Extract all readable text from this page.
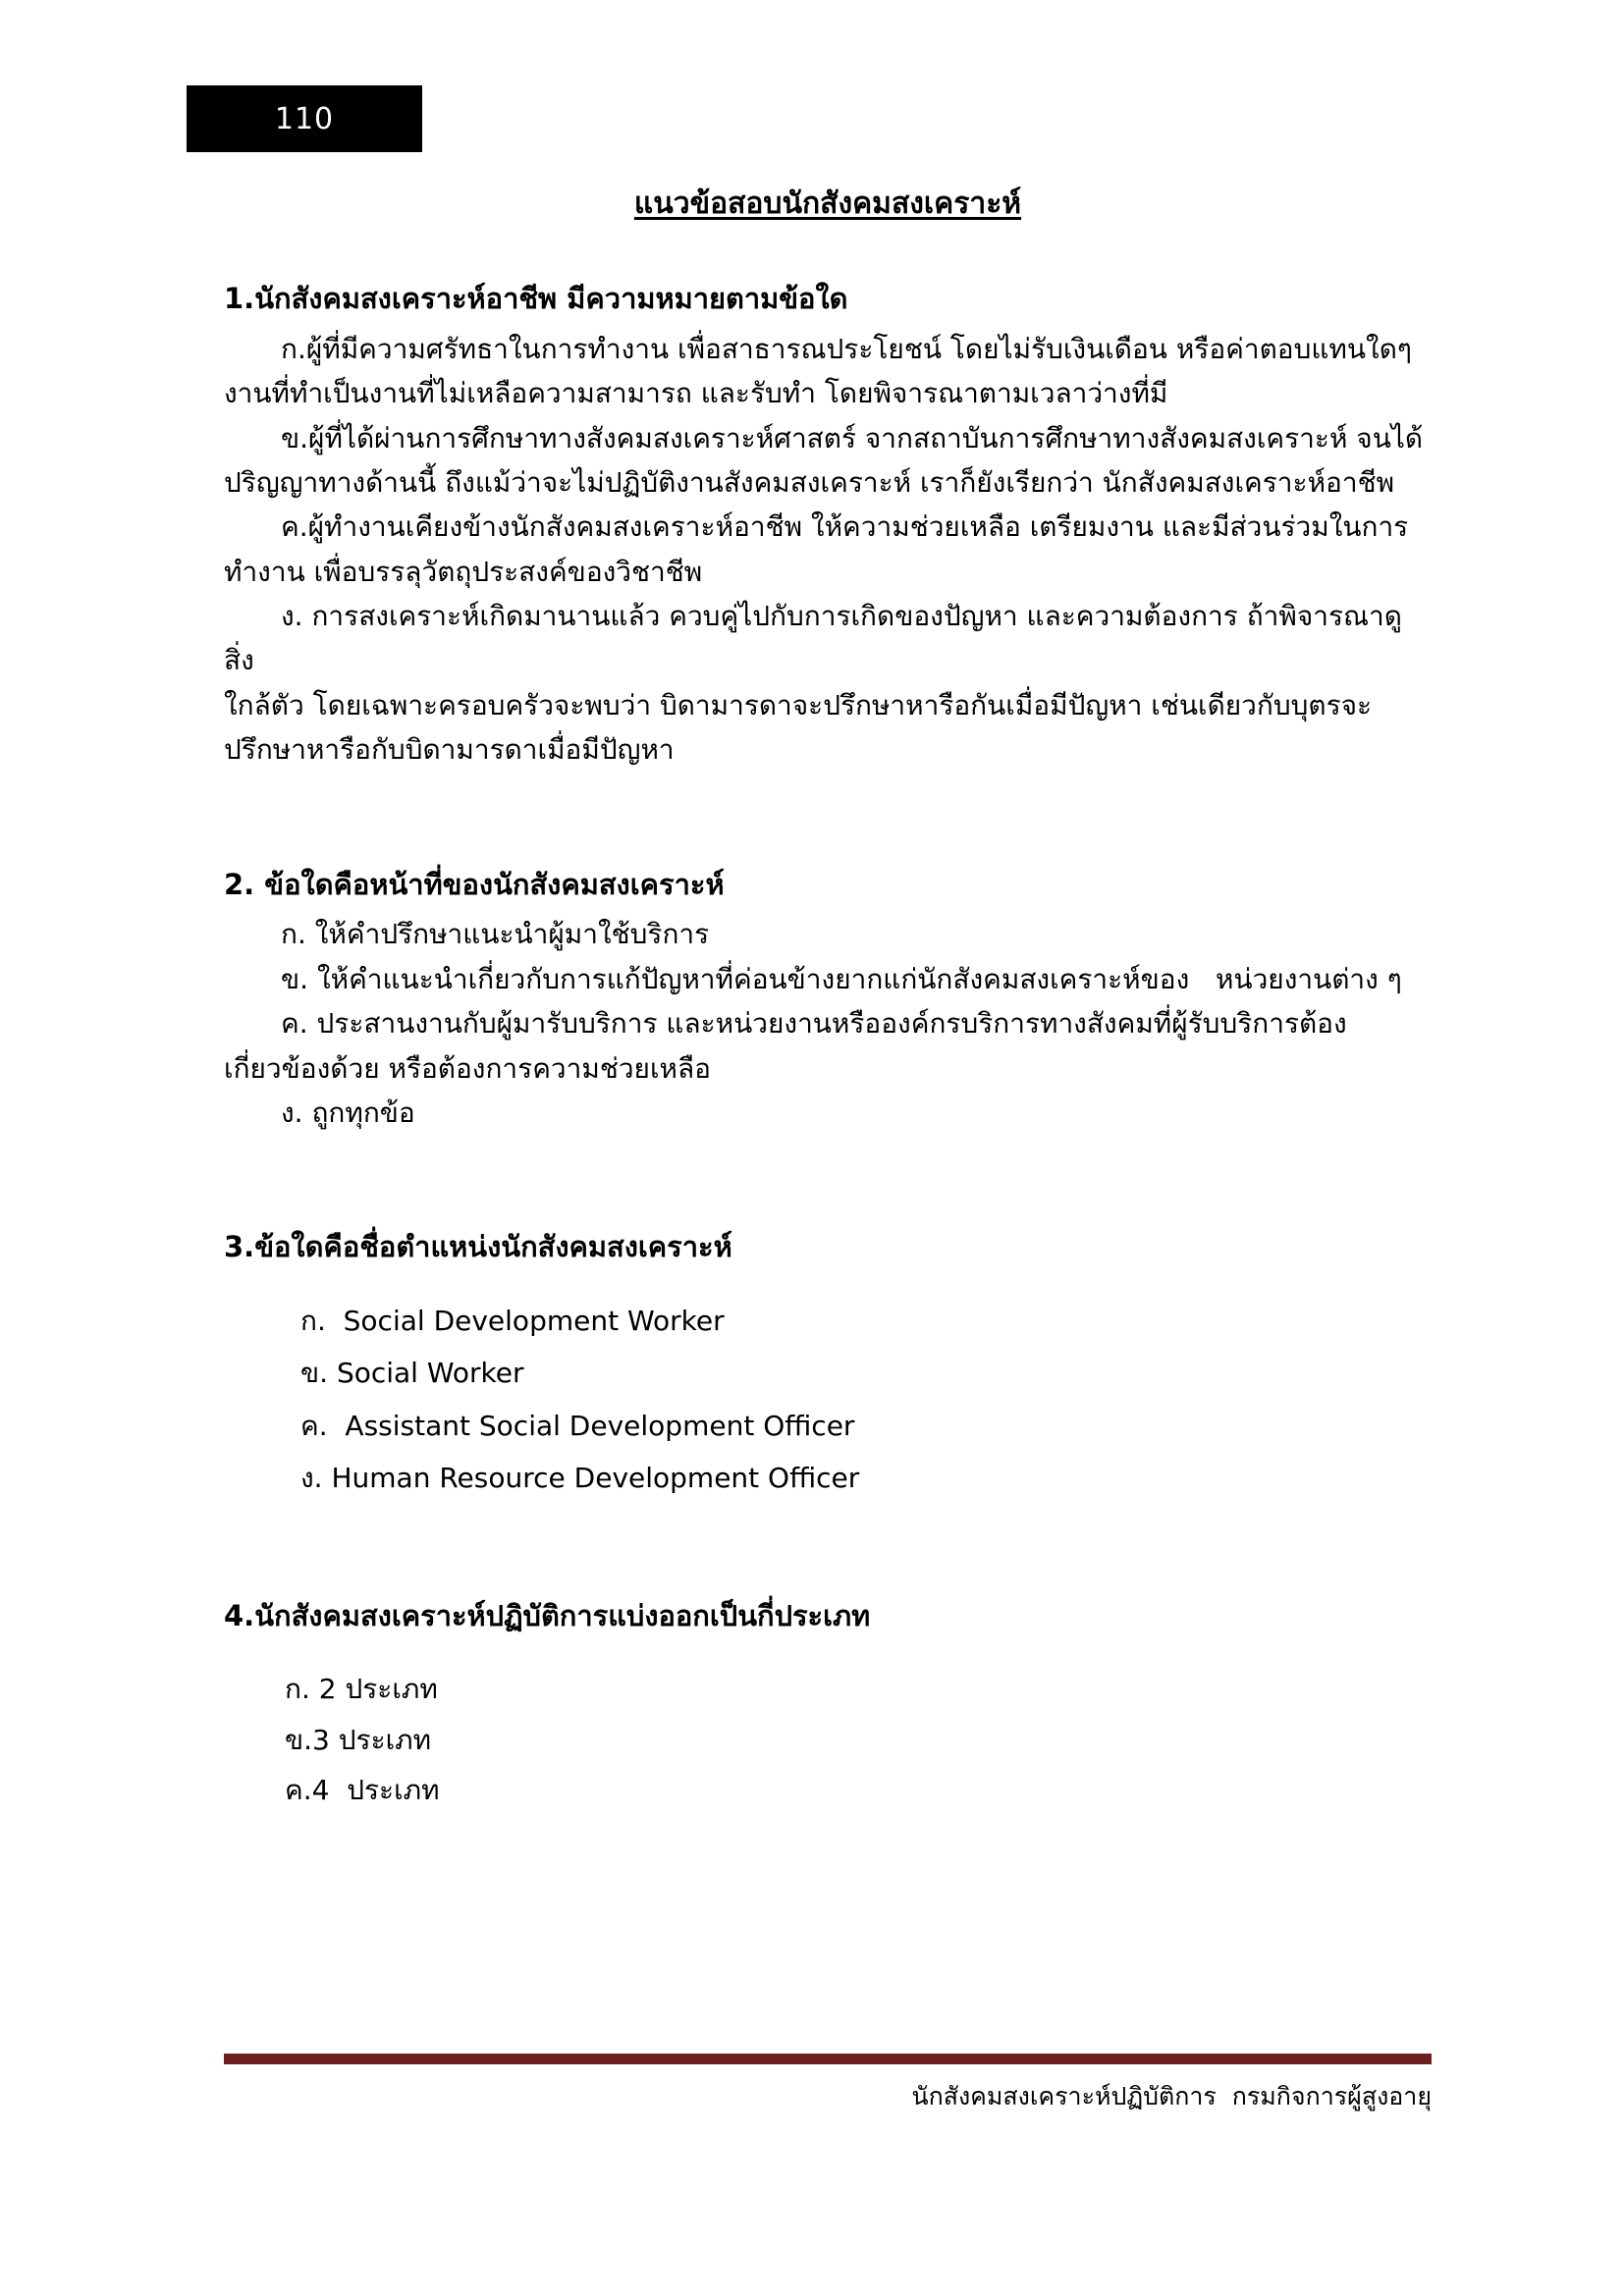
110
แนวข้อสอบนักสังคมสงเคราะห์

1.นักสังคมสงเคราะห์อาชีพ มีความหมายตามข้อใด

ก.ผู้ที่มีความศรัทธาในการทำงาน เพื่อสาธารณประโยชน์ โดยไม่รับเงินเดือน หรือค่าตอบแทนใดๆ

งานที่ทำเป็นงานที่ไม่เหลือความสามารถ และรับทำ โดยพิจารณาตามเวลาว่างที่มี

ข.ผู้ที่ได้ผ่านการศึกษาทางสังคมสงเคราะห์ศาสตร์ จากสถาบันการศึกษาทางสังคมสงเคราะห์ จนได้

ปริญญาทางด้านนี้ ถึงแม้ว่าจะไม่ปฏิบัติงานสังคมสงเคราะห์ เราก็ยังเรียกว่า นักสังคมสงเคราะห์อาชีพ

ค.ผู้ทำงานเคียงข้างนักสังคมสงเคราะห์อาชีพ ให้ความช่วยเหลือ เตรียมงาน และมีส่วนร่วมในการ

ทำงาน เพื่อบรรลุวัตถุประสงค์ของวิชาชีพ

ง. การสงเคราะห์เกิดมานานแล้ว ควบคู่ไปกับการเกิดของปัญหา และความต้องการ ถ้าพิจารณาดูสิ่ง

ใกล้ตัว โดยเฉพาะครอบครัวจะพบว่า บิดามารดาจะปรึกษาหารือกันเมื่อมีปัญหา เช่นเดียวกับบุตรจะ

ปรึกษาหารือกับบิดามารดาเมื่อมีปัญหา

2. ข้อใดคือหน้าที่ของนักสังคมสงเคราะห์

ก. ให้คำปรึกษาแนะนำผู้มาใช้บริการ

ข. ให้คำแนะนำเกี่ยวกับการแก้ปัญหาที่ค่อนข้างยากแก่นักสังคมสงเคราะห์ของ   หน่วยงานต่าง ๆ

ค. ประสานงานกับผู้มารับบริการ และหน่วยงานหรือองค์กรบริการทางสังคมที่ผู้รับบริการต้อง

เกี่ยวข้องด้วย หรือต้องการความช่วยเหลือ

ง. ถูกทุกข้อ

3.ข้อใดคือชื่อตำแหน่งนักสังคมสงเคราะห์

ก.  Social Development Worker

ข. Social Worker

ค.  Assistant Social Development Officer

ง. Human Resource Development Officer

4.นักสังคมสงเคราะห์ปฏิบัติการแบ่งออกเป็นกี่ประเภท

ก. 2 ประเภท

ข.3 ประเภท

ค.4  ประเภท

นักสังคมสงเคราะห์ปฏิบัติการ  กรมกิจการผู้สูงอายุ
